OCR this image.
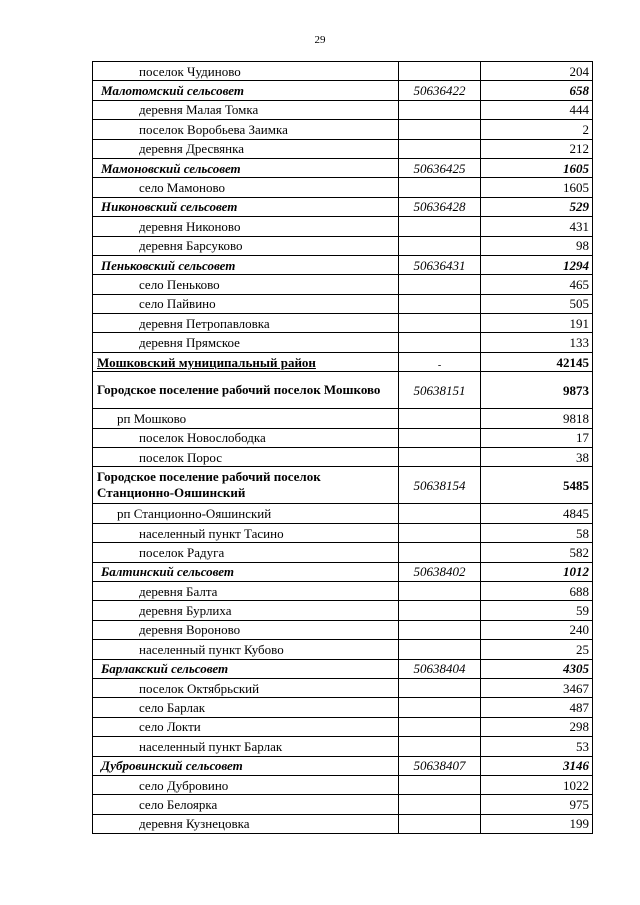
29
поселок Чудиново		204
Малотомский сельсовет	50636422	658
деревня Малая Томка		444
поселок Воробьева Заимка		2
деревня Дресвянка		212
Мамоновский сельсовет	50636425	1605
село Мамоново		1605
Никоновский сельсовет	50636428	529
деревня Никоново		431
деревня Барсуково		98
Пеньковский сельсовет	50636431	1294
село Пеньково		465
село Пайвино		505
деревня Петропавловка		191
деревня Прямское		133
Мошковский муниципальный район	-	42145
Городское поселение рабочий поселок Мошково	50638151	9873
рп Мошково		9818
поселок Новослободка		17
поселок Порос		38
Городское поселение рабочий поселок Станционно-Ояшинский	50638154	5485
рп Станционно-Ояшинский		4845
населенный пункт Тасино		58
поселок Радуга		582
Балтинский сельсовет	50638402	1012
деревня Балта		688
деревня Бурлиха		59
деревня Вороново		240
населенный пункт Кубово		25
Барлакский сельсовет	50638404	4305
поселок Октябрьский		3467
село Барлак		487
село Локти		298
населенный пункт Барлак		53
Дубровинский сельсовет	50638407	3146
село Дубровино		1022
село Белоярка		975
деревня Кузнецовка		199
